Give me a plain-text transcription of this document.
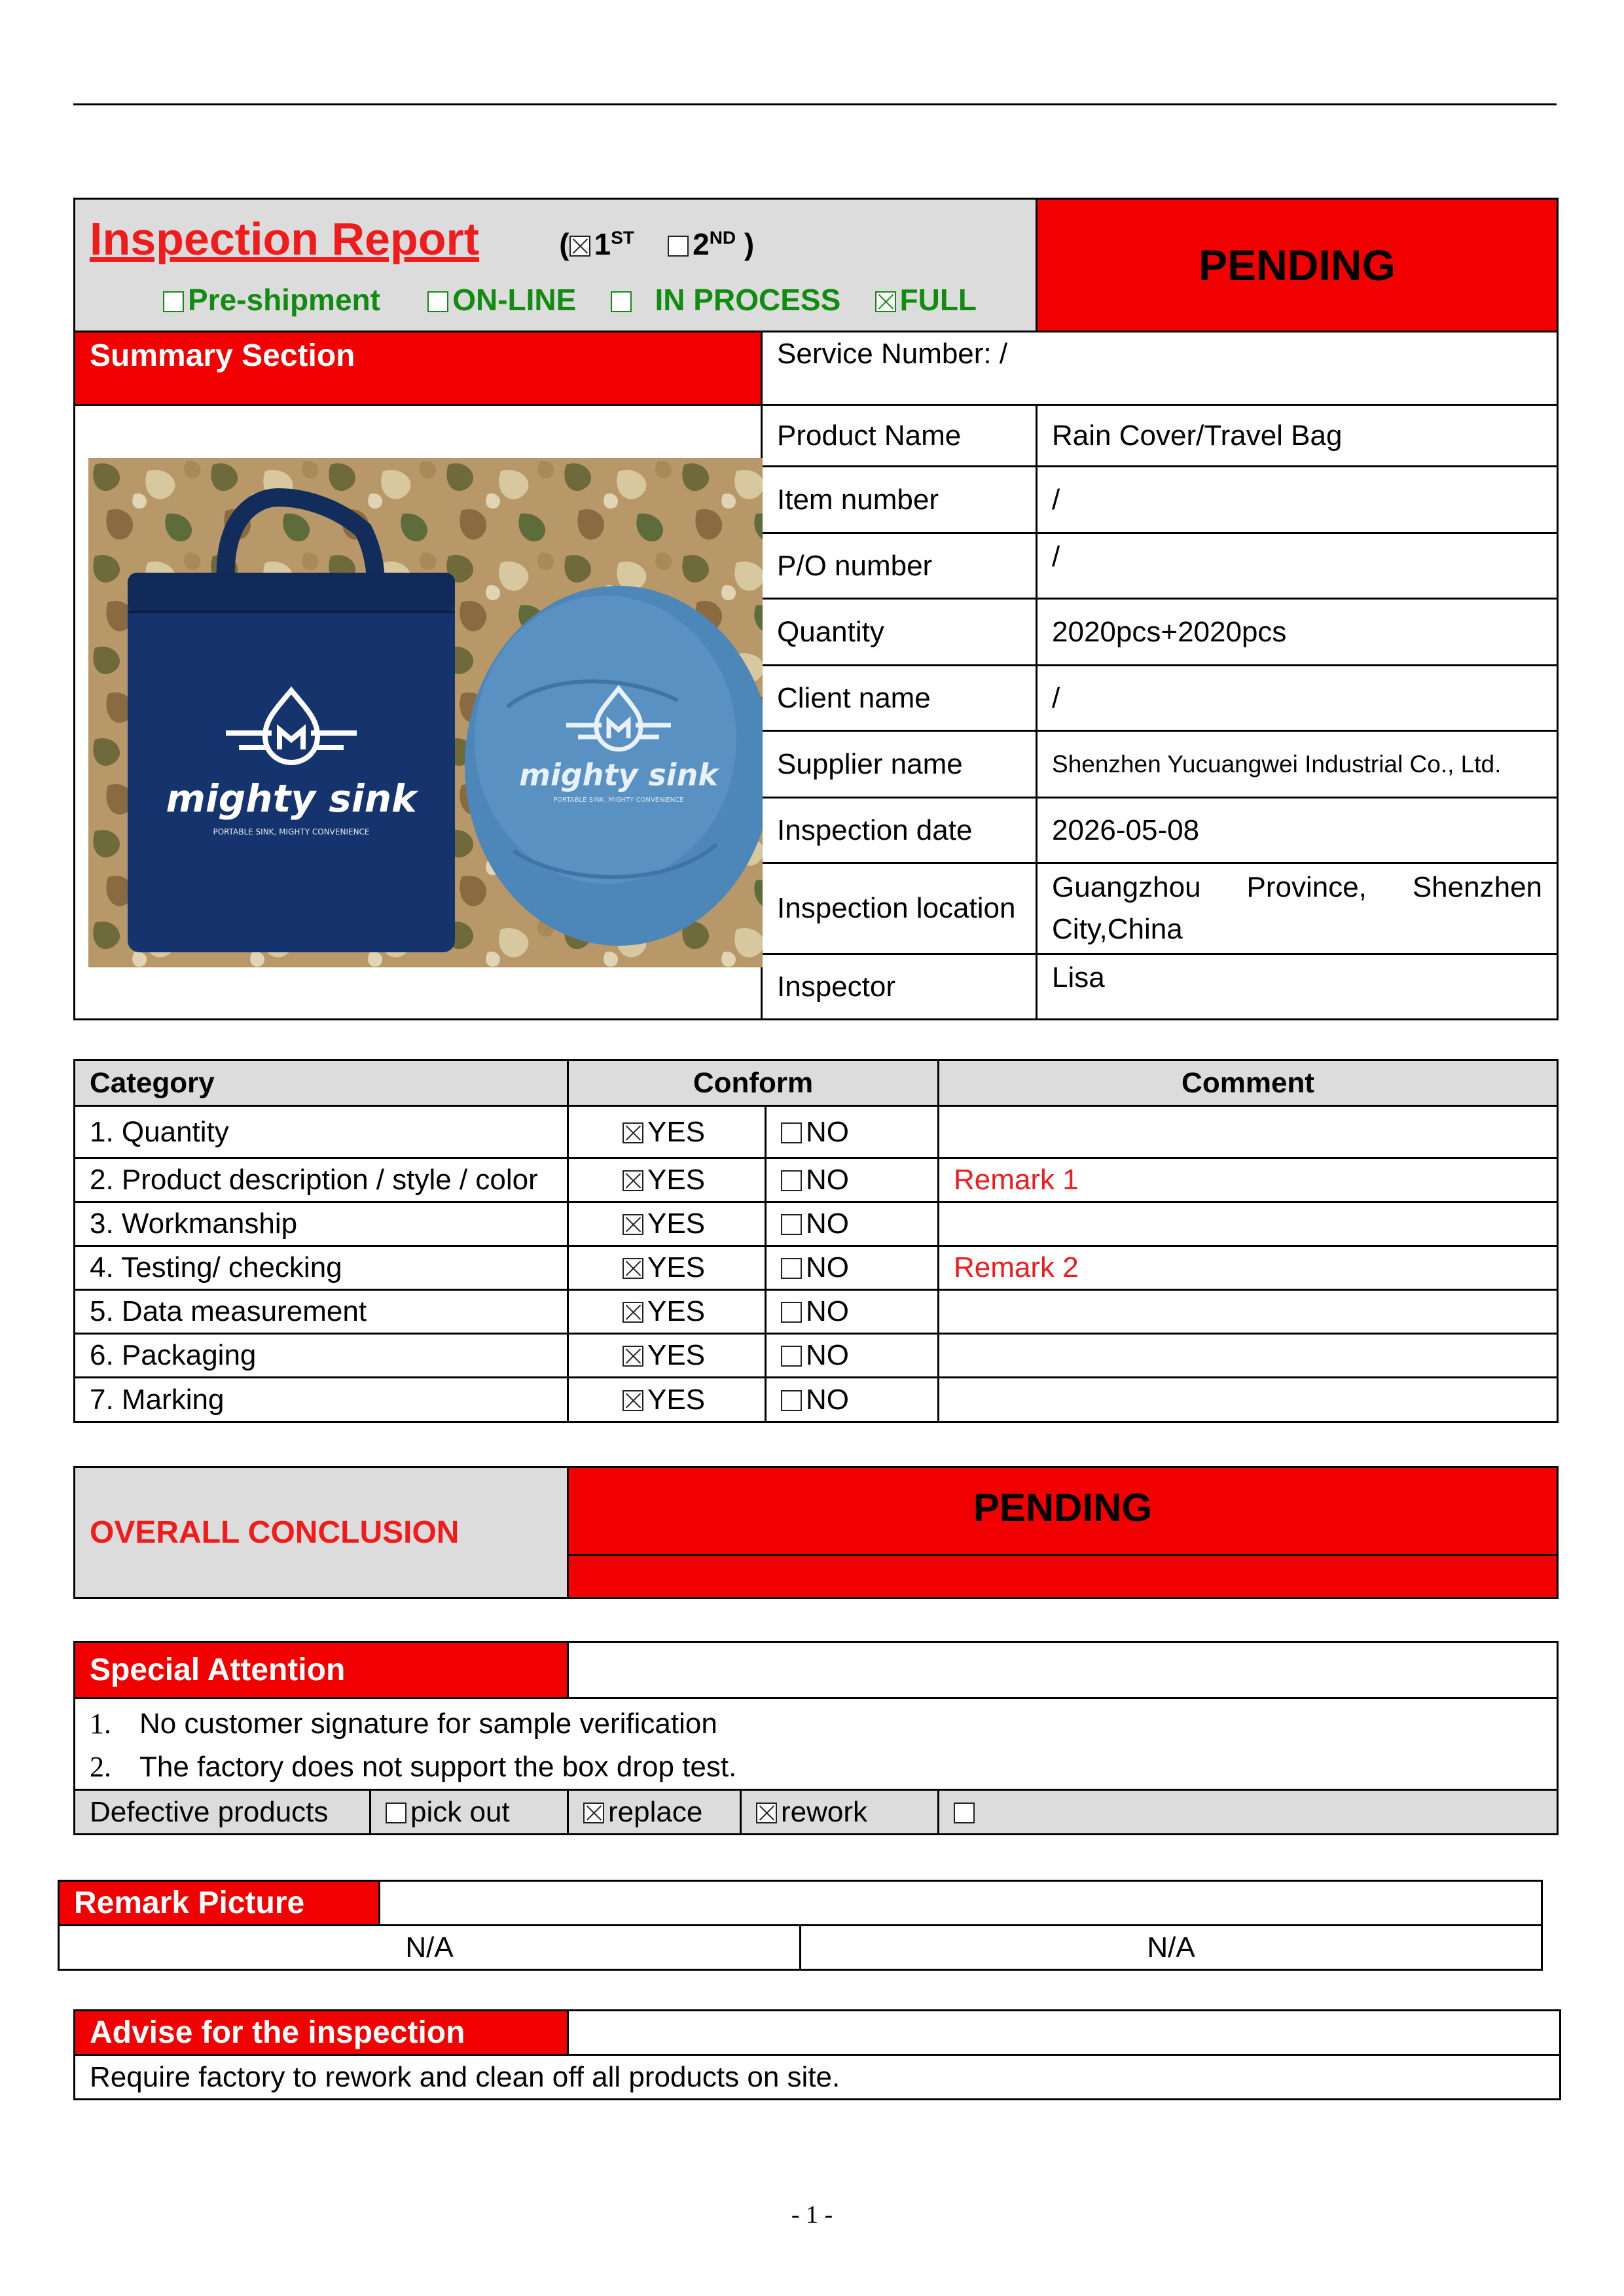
Inspection Report ( 1ST 2ND )
Pre-shipment ON-LINE IN PROCESS FULL		PENDING
Summary Section	Service Number: /	

mighty sink
PORTABLE SINK, MIGHTY CONVENIENCE
mighty sink
PORTABLE SINK, MIGHTY CONVENIENCE	Product Name	Rain Cover/Travel Bag
	Item number	/
	P/O number	/
	Quantity	2020pcs+2020pcs
	Client name	/
	Supplier name	Shenzhen Yucuangwei Industrial Co., Ltd.
	Inspection date	2026-05-08
	Inspection location	Guangzhou Province, Shenzhen City,China
	Inspector	Lisa
Category	Conform		Comment
1. Quantity	YES	NO	
2. Product description / style / color	YES	NO	Remark 1
3. Workmanship	YES	NO	
4. Testing/ checking	YES	NO	Remark 2
5. Data measurement	YES	NO	
6. Packaging	YES	NO	
7. Marking	YES	NO	
OVERALL CONCLUSION	PENDING

Special Attention				

1. No customer signature for sample verification
2. The factory does not support the box drop test.				

Defective products	pick out	replace	rework	
Remark Picture		
N/A		N/A
Advise for the inspection	
Require factory to rework and clean off all products on site.
- 1 -
